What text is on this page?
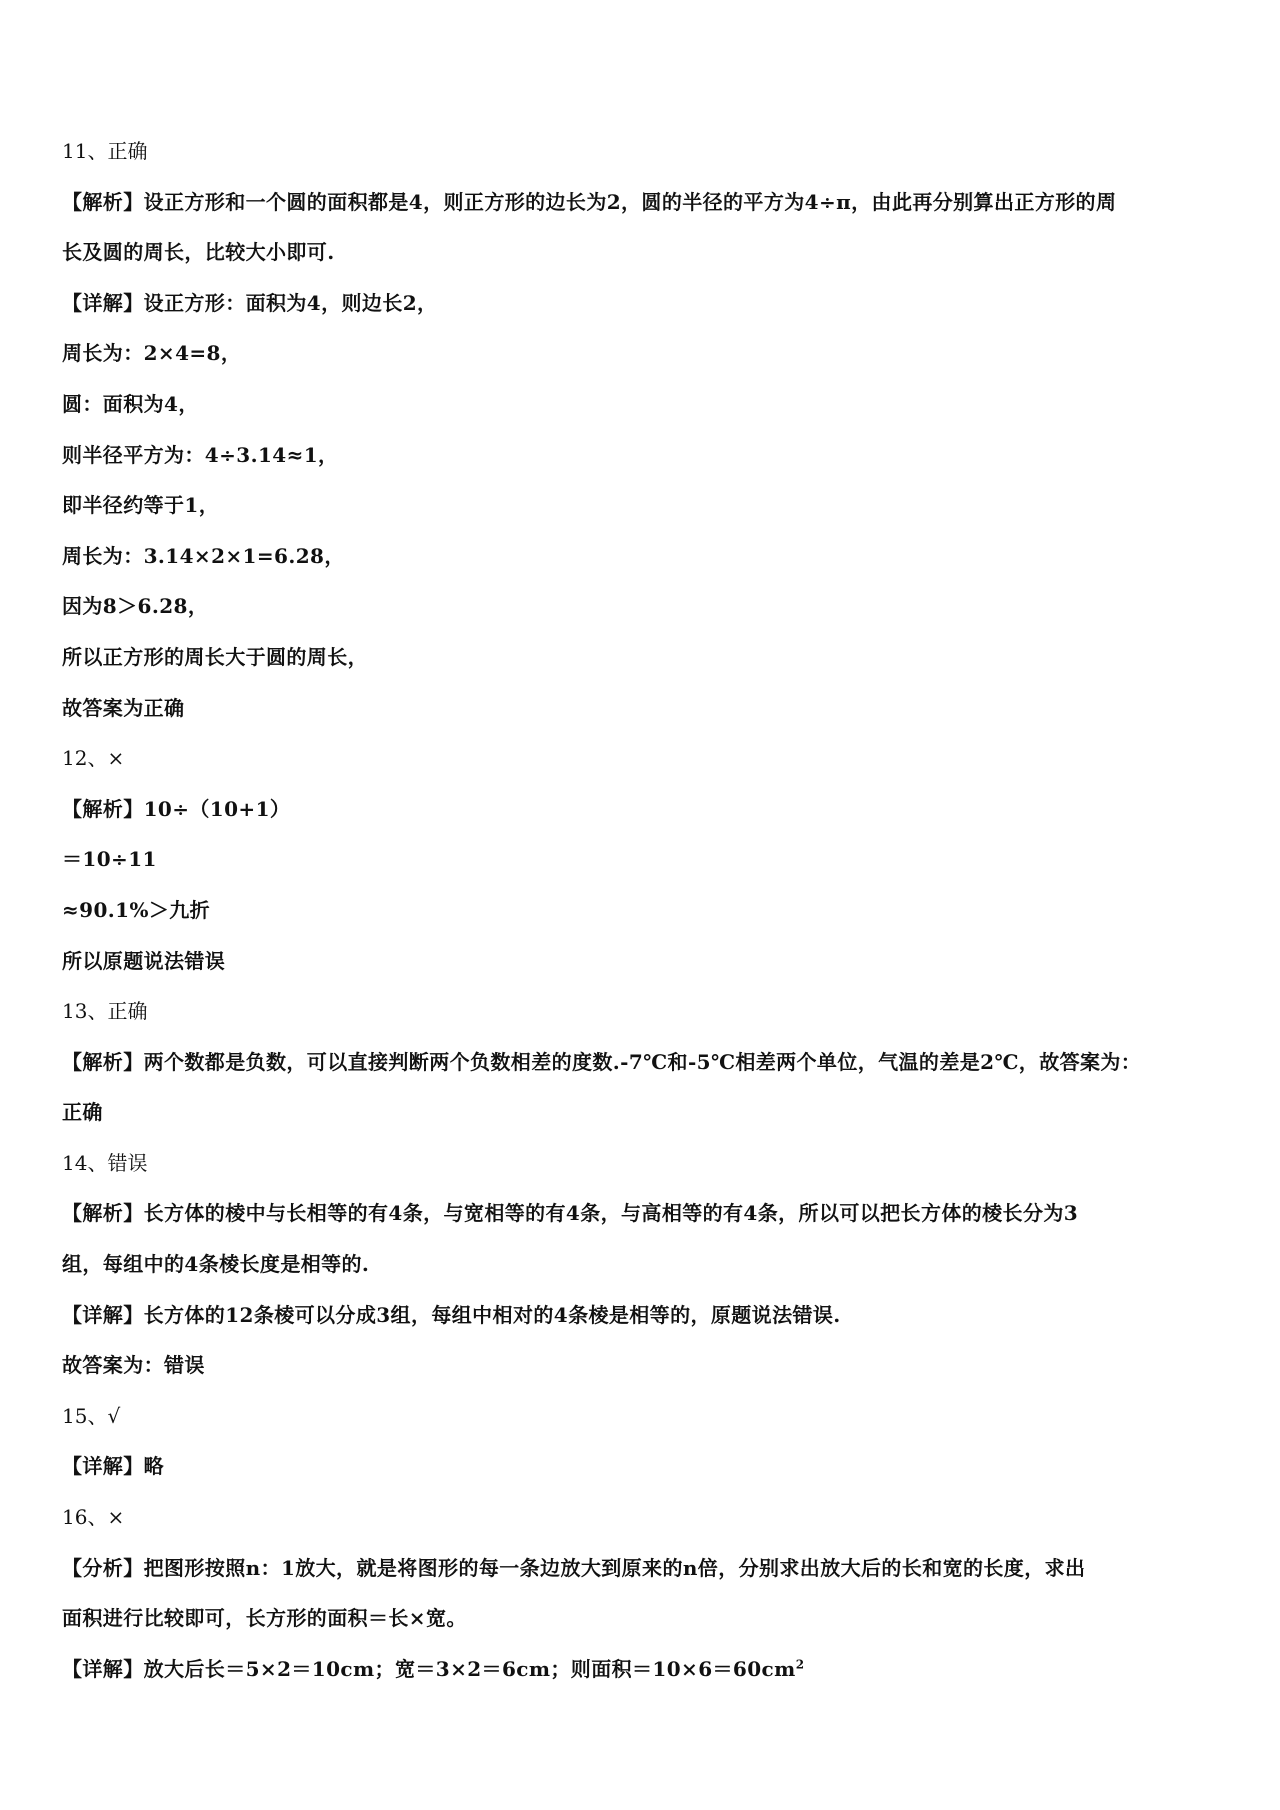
11、正确
【解析】设正方形和一个圆的面积都是4，则正方形的边长为2，圆的半径的平方为4÷π，由此再分别算出正方形的周
长及圆的周长，比较大小即可.
【详解】设正方形：面积为4，则边长2，
周长为：2×4=8，
圆：面积为4，
则半径平方为：4÷3.14≈1，
即半径约等于1，
周长为：3.14×2×1=6.28，
因为8＞6.28，
所以正方形的周长大于圆的周长，
故答案为正确
12、×
【解析】10÷（10+1）
＝10÷11
≈90.1%＞九折
所以原题说法错误
13、正确
【解析】两个数都是负数，可以直接判断两个负数相差的度数.-7℃和-5℃相差两个单位，气温的差是2℃，故答案为：
正确
14、错误
【解析】长方体的棱中与长相等的有4条，与宽相等的有4条，与高相等的有4条，所以可以把长方体的棱长分为3
组，每组中的4条棱长度是相等的.
【详解】长方体的12条棱可以分成3组，每组中相对的4条棱是相等的，原题说法错误.
故答案为：错误
15、√
【详解】略
16、×
【分析】把图形按照n：1放大，就是将图形的每一条边放大到原来的n倍，分别求出放大后的长和宽的长度，求出
面积进行比较即可，长方形的面积＝长×宽。
【详解】放大后长＝5×2＝10cm；宽＝3×2＝6cm；则面积$=10\times 6=60cm^2$
